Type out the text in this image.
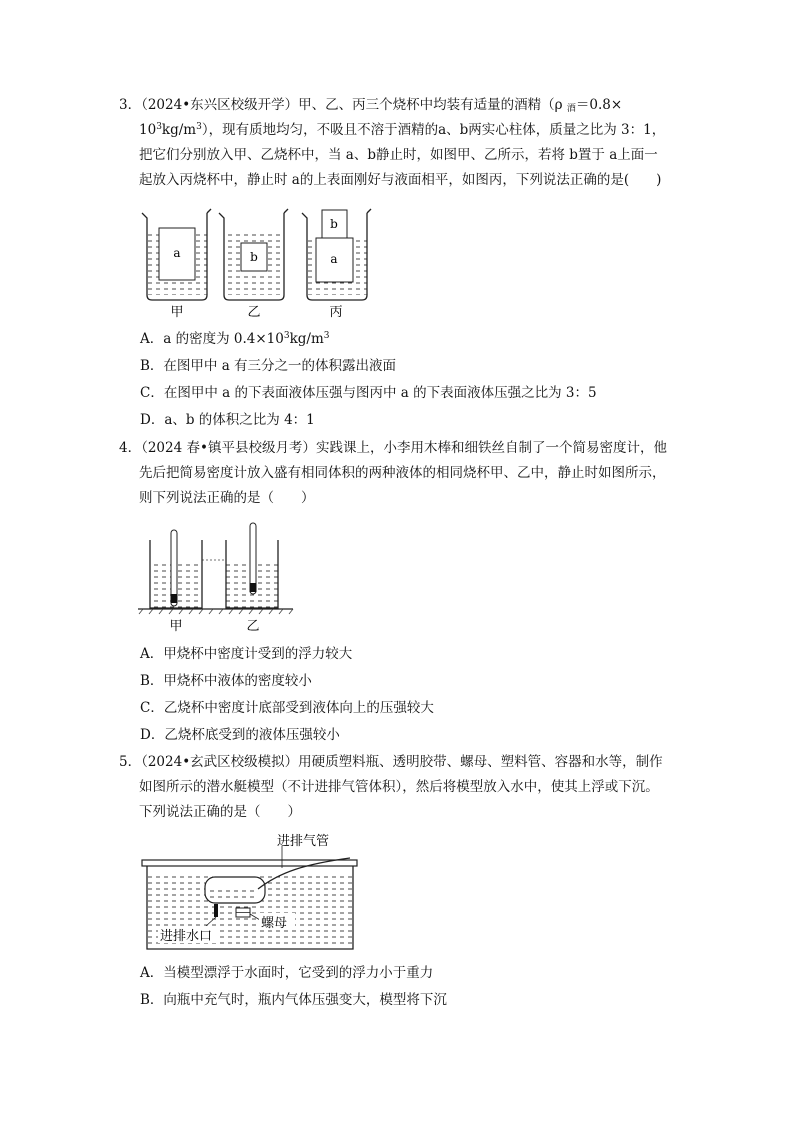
3．（2024•东兴区校级开学）甲、乙、丙三个烧杯中均装有适量的酒精（ρ $_酒$＝0.8×
$10^3kg/m^3$），现有质地均匀，不吸且不溶于酒精的a、b两实心柱体，质量之比为 3：1，
把它们分别放入甲、乙烧杯中，当 a、b静止时，如图甲、乙所示，若将 b置于 a上面一
起放入丙烧杯中，静止时 a的上表面刚好与液面相平，如图丙，下列说法正确的是(　　)
a	b
b
a
甲	乙	丙
A．a 的密度为 $0.4\times 10^3kg/m^3$
B．在图甲中 a 有三分之一的体积露出液面
C．在图甲中 a 的下表面液体压强与图丙中 a 的下表面液体压强之比为 3：5
D．a、b 的体积之比为 4：1
4．（2024 春•镇平县校级月考）实践课上，小李用木棒和细铁丝自制了一个简易密度计，他
先后把简易密度计放入盛有相同体积的两种液体的相同烧杯甲、乙中，静止时如图所示，
则下列说法正确的是（　　）
甲	乙
A．甲烧杯中密度计受到的浮力较大
B．甲烧杯中液体的密度较小
C．乙烧杯中密度计底部受到液体向上的压强较大
D．乙烧杯底受到的液体压强较小
5．（2024•玄武区校级模拟）用硬质塑料瓶、透明胶带、螺母、塑料管、容器和水等，制作
如图所示的潜水艇模型（不计进排气管体积），然后将模型放入水中，使其上浮或下沉。
下列说法正确的是（　　）
进排气管
螺母
进排水口
A．当模型漂浮于水面时，它受到的浮力小于重力
B．向瓶中充气时，瓶内气体压强变大，模型将下沉
